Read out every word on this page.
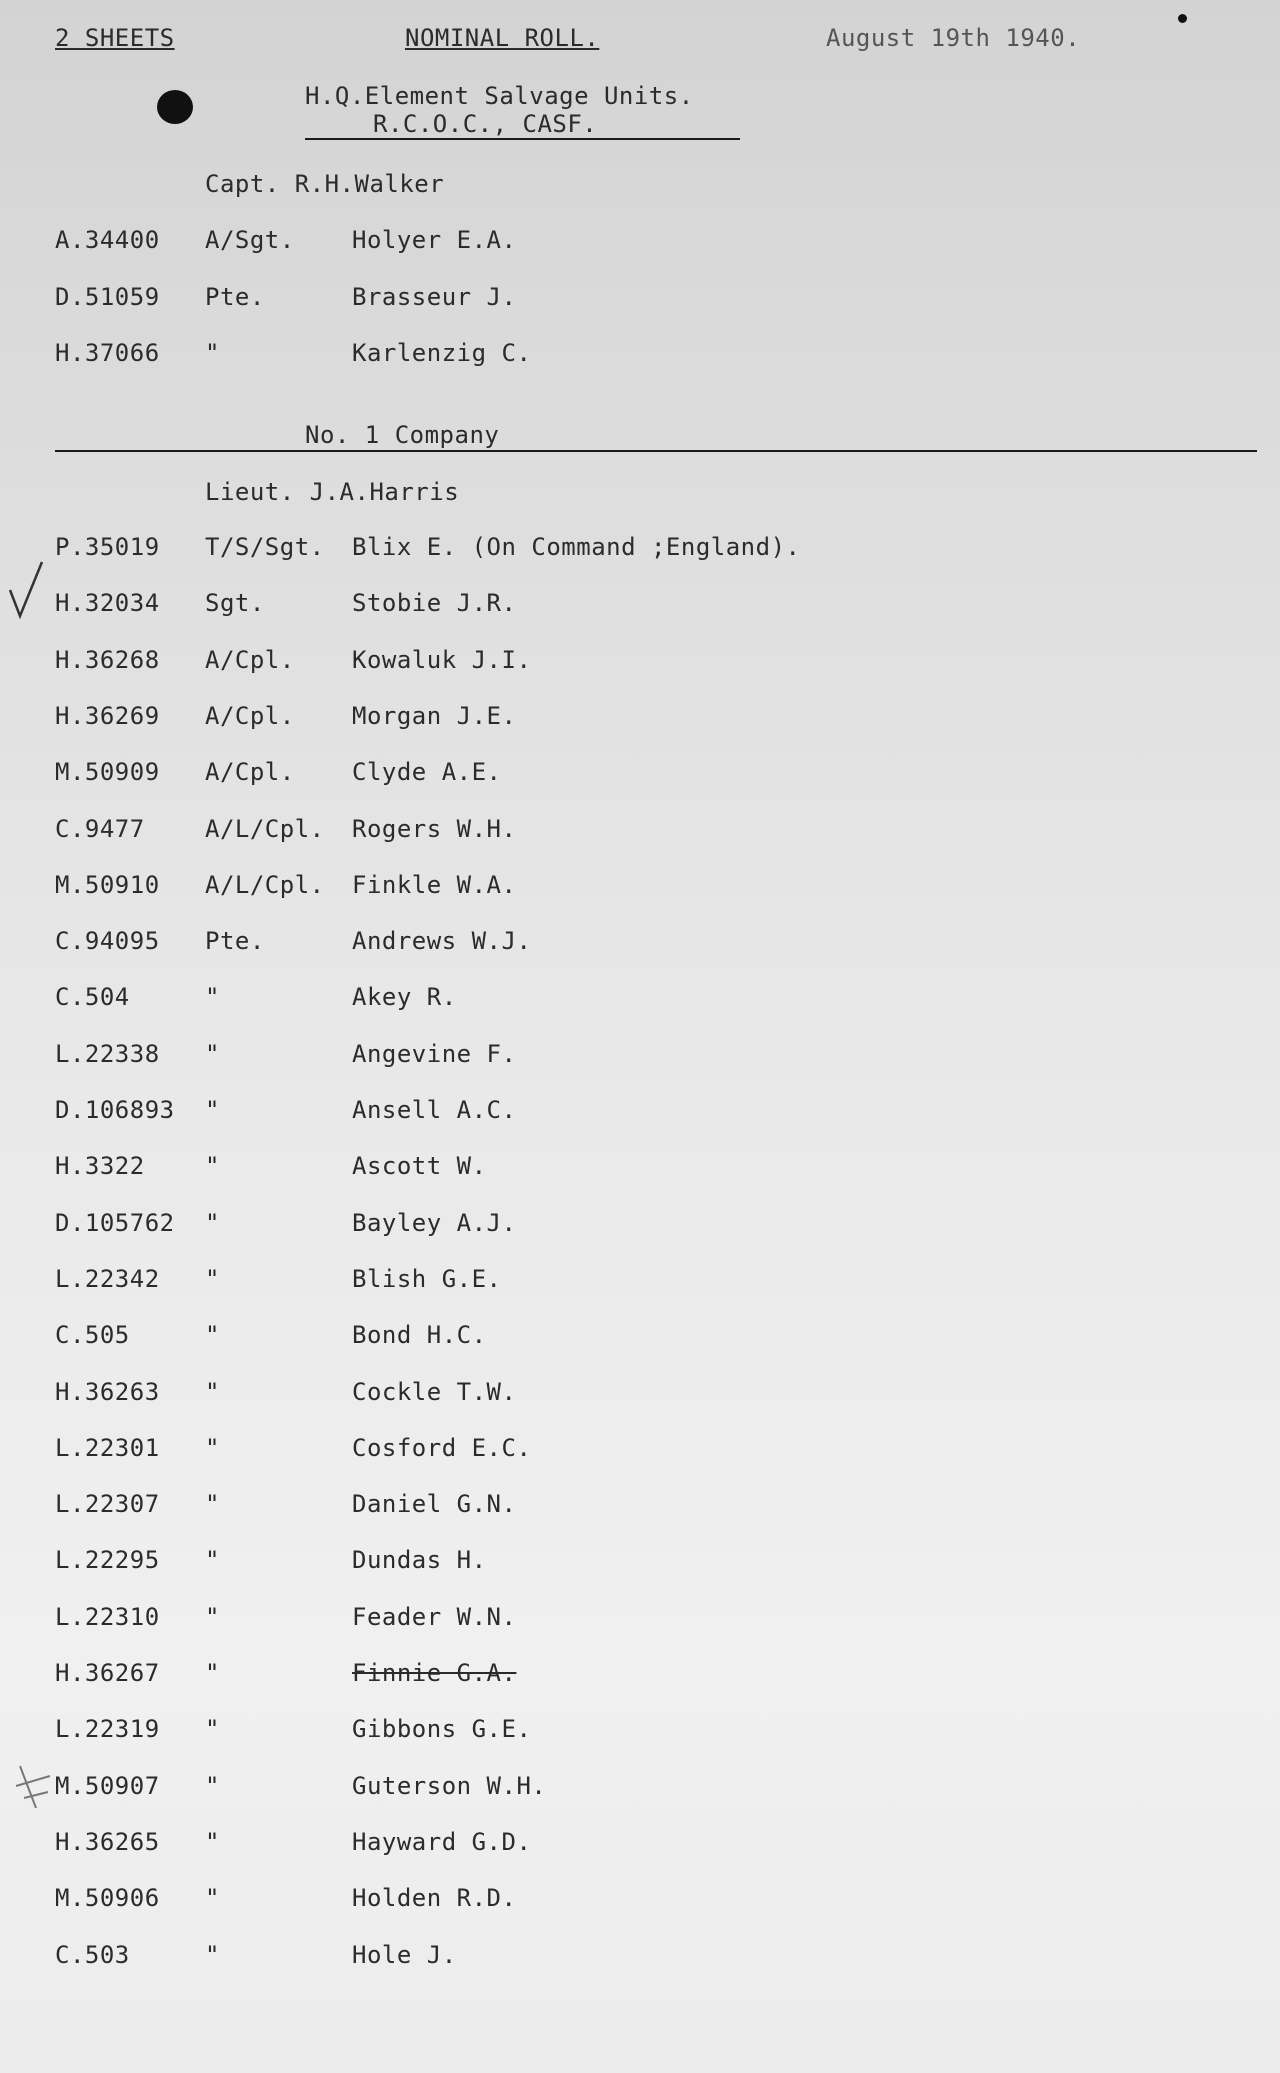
2 SHEETS	NOMINAL ROLL.	August 19th 1940.
H.Q.Element Salvage Units.
R.C.O.C., CASF.
Capt. R.H.Walker
A.34400 A/Sgt. Holyer E.A.
D.51059 Pte.	Brasseur J.
H.37066 "	Karlenzig C.
No. 1 Company
Lieut. J.A.Harris
P.35019 T/S/Sgt. Blix E. (On Command ;England).
H.32034 Sgt.	Stobie J.R.
H.36268 A/Cpl. Kowaluk J.I.
H.36269 A/Cpl. Morgan J.E.
M.50909 A/Cpl. Clyde A.E.
C.9477	A/L/Cpl. Rogers W.H.
M.50910 A/L/Cpl. Finkle W.A.
C.94095 Pte.	Andrews W.J.
C.504	"	Akey R.
L.22338 "	Angevine F.
D.106893 "	Ansell A.C.
H.3322	"	Ascott W.
D.105762 "	Bayley A.J.
L.22342 "	Blish G.E.
C.505	"	Bond H.C.
H.36263 "	Cockle T.W.
L.22301 "	Cosford E.C.
L.22307 "	Daniel G.N.
L.22295 "	Dundas H.
L.22310 "	Feader W.N.
H.36267 "	Finnie G.A.
L.22319 "	Gibbons G.E.
M.50907 "	Guterson W.H.
H.36265 "	Hayward G.D.
M.50906 "	Holden R.D.
C.503	"	Hole J.
